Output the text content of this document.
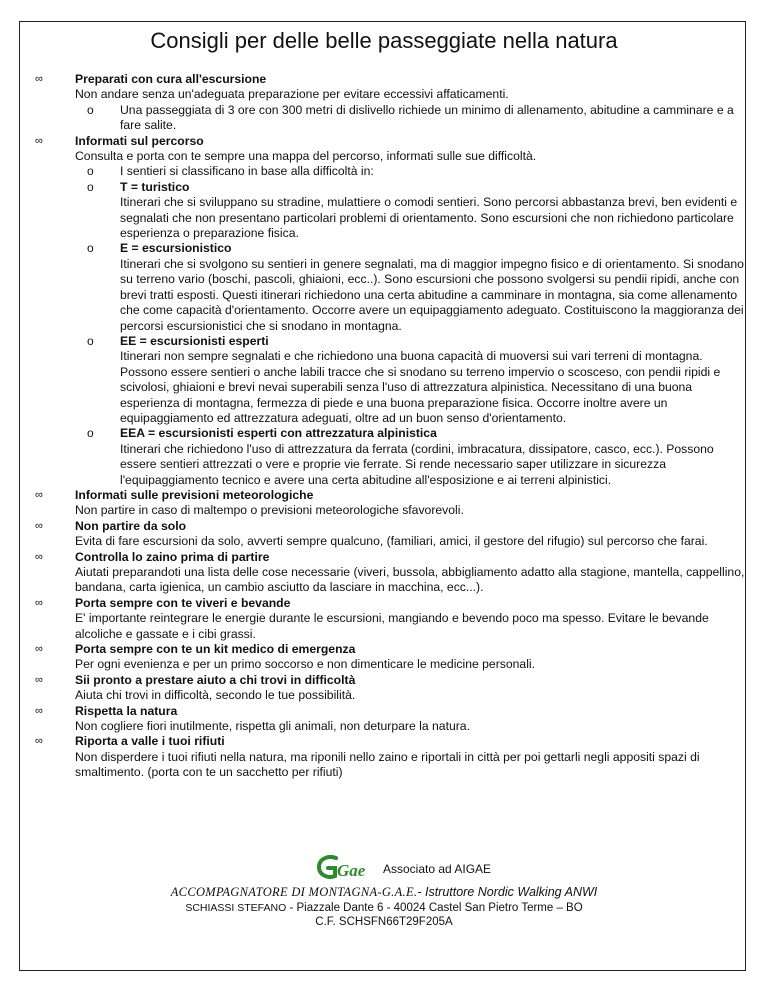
Consigli per delle belle passeggiate nella natura
∞	Preparati con cura all'escursione
Non andare senza un'adeguata preparazione per evitare eccessivi affaticamenti.
o Una passeggiata di 3 ore con 300 metri di dislivello richiede un minimo di allenamento, abitudine a camminare e a fare salite.
∞	Informati sul percorso
Consulta e porta con te sempre una mappa del percorso, informati sulle sue difficoltà.
o I sentieri si classificano in base alla difficoltà in:
o T = turistico
Itinerari che si sviluppano su stradine, mulattiere o comodi sentieri. Sono percorsi abbastanza brevi, ben evidenti e segnalati che non presentano particolari problemi di orientamento. Sono escursioni che non richiedono particolare esperienza o preparazione fisica.
o E = escursionistico
Itinerari che si svolgono su sentieri in genere segnalati, ma di maggior impegno fisico e di orientamento. Si snodano su terreno vario (boschi, pascoli, ghiaioni, ecc..). Sono escursioni che possono svolgersi su pendii ripidi, anche con brevi tratti esposti. Questi itinerari richiedono una certa abitudine a camminare in montagna, sia come allenamento che come capacità d'orientamento. Occorre avere un equipaggiamento adeguato. Costituiscono la maggioranza dei percorsi escursionistici che si snodano in montagna.
o EE = escursionisti esperti
Itinerari non sempre segnalati e che richiedono una buona capacità di muoversi sui vari terreni di montagna. Possono essere sentieri o anche labili tracce che si snodano su terreno impervio o scosceso, con pendii ripidi e scivolosi, ghiaioni e brevi nevai superabili senza l'uso di attrezzatura alpinistica. Necessitano di una buona esperienza di montagna, fermezza di piede e una buona preparazione fisica. Occorre inoltre avere un equipaggiamento ed attrezzatura adeguati, oltre ad un buon senso d'orientamento.
o EEA = escursionisti esperti con attrezzatura alpinistica
Itinerari che richiedono l'uso di attrezzatura da ferrata (cordini, imbracatura, dissipatore, casco, ecc.). Possono essere sentieri attrezzati o vere e proprie vie ferrate. Si rende necessario saper utilizzare in sicurezza l'equipaggiamento tecnico e avere una certa abitudine all'esposizione e ai terreni alpinistici.
∞	Informati sulle previsioni meteorologiche
Non partire in caso di maltempo o previsioni meteorologiche sfavorevoli.
∞	Non partire da solo
Evita di fare escursioni da solo, avverti sempre qualcuno, (familiari, amici, il gestore del rifugio) sul percorso che farai.
∞	Controlla lo zaino prima di partire
Aiutati preparandoti una lista delle cose necessarie (viveri, bussola, abbigliamento adatto alla stagione, mantella, cappellino, bandana, carta igienica, un cambio asciutto da lasciare in macchina, ecc...).
∞	Porta sempre con te viveri e bevande
E' importante reintegrare le energie durante le escursioni, mangiando e bevendo poco ma spesso. Evitare le bevande alcoliche e gassate e i cibi grassi.
∞	Porta sempre con te un kit medico di emergenza
Per ogni evenienza e per un primo soccorso e non dimenticare le medicine personali.
∞	Sii pronto a prestare aiuto a chi trovi in difficoltà
Aiuta chi trovi in difficoltà, secondo le tue possibilità.
∞	Rispetta la natura
Non cogliere fiori inutilmente, rispetta gli animali, non deturpare la natura.
∞	Riporta a valle i tuoi rifiuti
Non disperdere i tuoi rifiuti nella natura, ma riponili nello zaino e riportali in città per poi gettarli negli appositi spazi di smaltimento. (porta con te un sacchetto per rifiuti)
Gae Associato ad AIGAE
ACCOMPAGNATORE DI MONTAGNA-G.A.E.- Istruttore Nordic Walking ANWI
SCHIASSI STEFANO - Piazzale Dante 6 - 40024 Castel San Pietro Terme – BO
C.F. SCHSFN66T29F205A
